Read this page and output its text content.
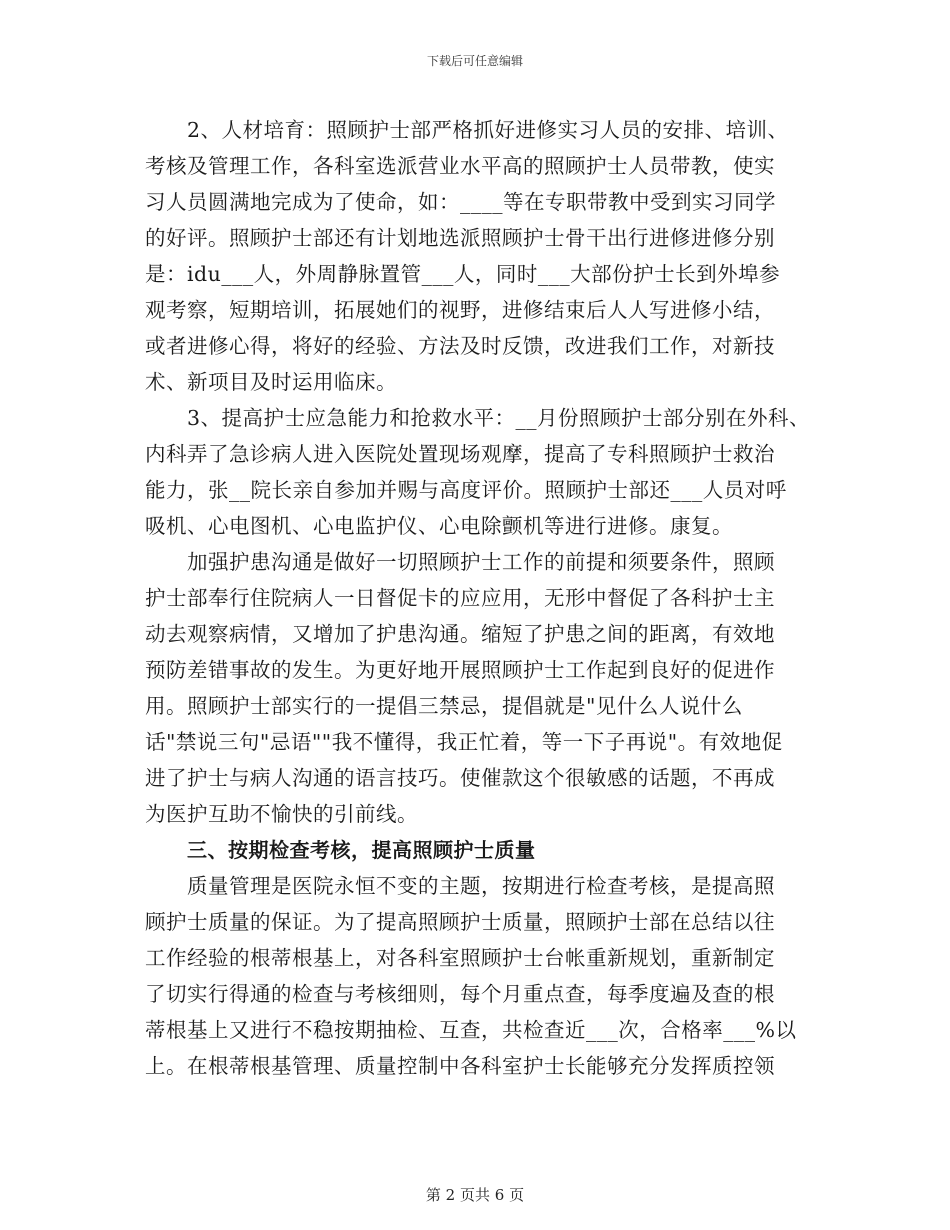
下载后可任意编辑
2、人材培育：照顾护士部严格抓好进修实习人员的安排、培训、
考核及管理工作，各科室选派营业水平高的照顾护士人员带教，使实
习人员圆满地完成为了使命，如：____等在专职带教中受到实习同学
的好评。照顾护士部还有计划地选派照顾护士骨干出行进修进修分别
是：idu___人，外周静脉置管___人，同时___大部份护士长到外埠参
观考察，短期培训，拓展她们的视野，进修结束后人人写进修小结，
或者进修心得，将好的经验、方法及时反馈，改进我们工作，对新技
术、新项目及时运用临床。
3、提高护士应急能力和抢救水平：__月份照顾护士部分别在外科、
内科弄了急诊病人进入医院处置现场观摩，提高了专科照顾护士救治
能力，张__院长亲自参加并赐与高度评价。照顾护士部还___人员对呼
吸机、心电图机、心电监护仪、心电除颤机等进行进修。康复。
加强护患沟通是做好一切照顾护士工作的前提和须要条件，照顾
护士部奉行住院病人一日督促卡的应应用，无形中督促了各科护士主
动去观察病情，又增加了护患沟通。缩短了护患之间的距离，有效地
预防差错事故的发生。为更好地开展照顾护士工作起到良好的促进作
用。照顾护士部实行的一提倡三禁忌，提倡就是"见什么人说什么
话"禁说三句"忌语""我不懂得，我正忙着，等一下子再说"。有效地促
进了护士与病人沟通的语言技巧。使催款这个很敏感的话题，不再成
为医护互助不愉快的引前线。
三、按期检查考核，提高照顾护士质量
质量管理是医院永恒不变的主题，按期进行检查考核，是提高照
顾护士质量的保证。为了提高照顾护士质量，照顾护士部在总结以往
工作经验的根蒂根基上，对各科室照顾护士台帐重新规划，重新制定
了切实行得通的检查与考核细则，每个月重点查，每季度遍及查的根
蒂根基上又进行不稳按期抽检、互查，共检查近___次，合格率___%以
上。在根蒂根基管理、质量控制中各科室护士长能够充分发挥质控领
第 2 页共 6 页
